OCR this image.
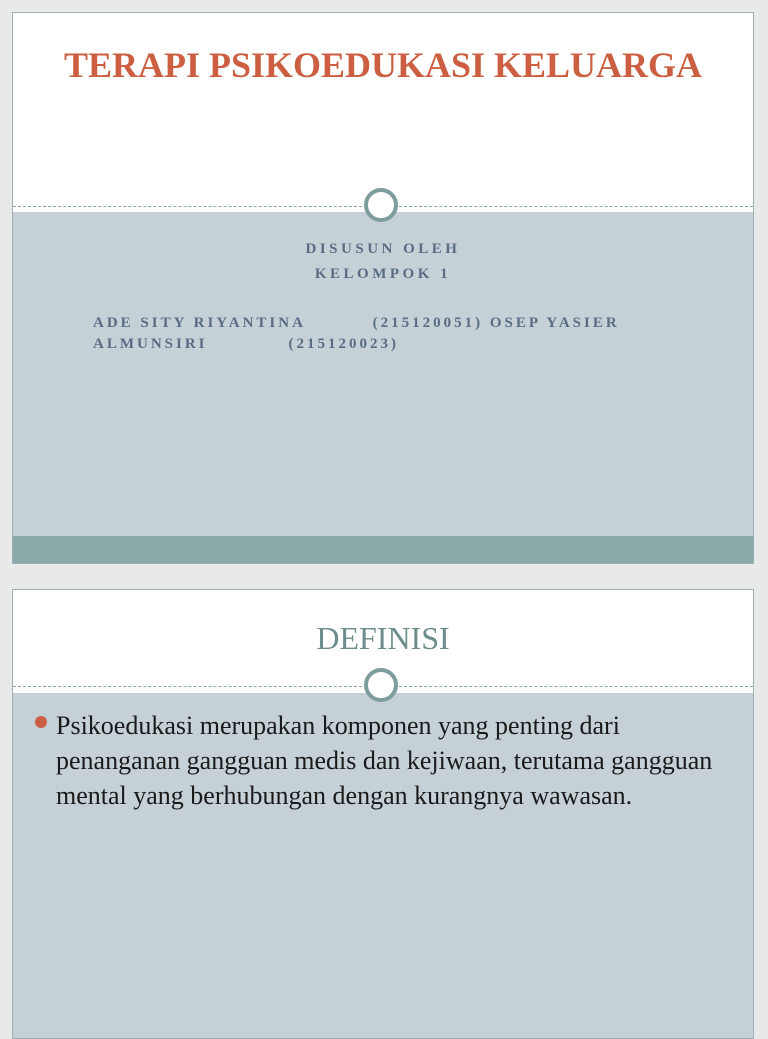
TERAPI PSIKOEDUKASI KELUARGA
DISUSUN OLEH
KELOMPOK 1
ADE SITY RIYANTINA          (215120051) OSEP YASIER ALMUNSIRI            (215120023)
DEFINISI
Psikoedukasi merupakan komponen yang penting dari penanganan gangguan medis dan kejiwaan, terutama gangguan mental yang berhubungan dengan kurangnya wawasan.
